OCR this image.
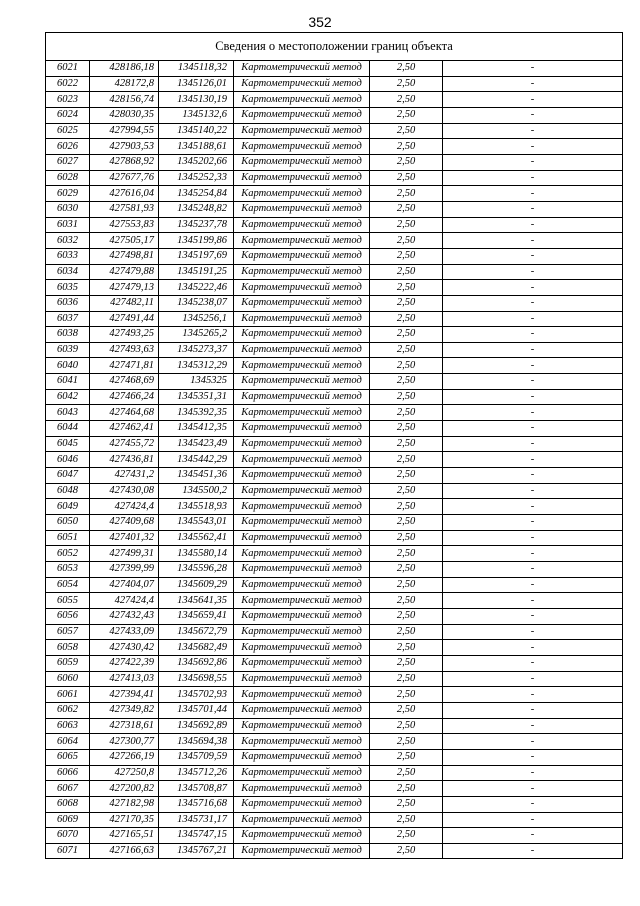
352
Сведения о местоположении границ объекта					
6021	428186,18	1345118,32	Картометрический метод	2,50	-
6022	428172,8	1345126,01	Картометрический метод	2,50	-
6023	428156,74	1345130,19	Картометрический метод	2,50	-
6024	428030,35	1345132,6	Картометрический метод	2,50	-
6025	427994,55	1345140,22	Картометрический метод	2,50	-
6026	427903,53	1345188,61	Картометрический метод	2,50	-
6027	427868,92	1345202,66	Картометрический метод	2,50	-
6028	427677,76	1345252,33	Картометрический метод	2,50	-
6029	427616,04	1345254,84	Картометрический метод	2,50	-
6030	427581,93	1345248,82	Картометрический метод	2,50	-
6031	427553,83	1345237,78	Картометрический метод	2,50	-
6032	427505,17	1345199,86	Картометрический метод	2,50	-
6033	427498,81	1345197,69	Картометрический метод	2,50	-
6034	427479,88	1345191,25	Картометрический метод	2,50	-
6035	427479,13	1345222,46	Картометрический метод	2,50	-
6036	427482,11	1345238,07	Картометрический метод	2,50	-
6037	427491,44	1345256,1	Картометрический метод	2,50	-
6038	427493,25	1345265,2	Картометрический метод	2,50	-
6039	427493,63	1345273,37	Картометрический метод	2,50	-
6040	427471,81	1345312,29	Картометрический метод	2,50	-
6041	427468,69	1345325	Картометрический метод	2,50	-
6042	427466,24	1345351,31	Картометрический метод	2,50	-
6043	427464,68	1345392,35	Картометрический метод	2,50	-
6044	427462,41	1345412,35	Картометрический метод	2,50	-
6045	427455,72	1345423,49	Картометрический метод	2,50	-
6046	427436,81	1345442,29	Картометрический метод	2,50	-
6047	427431,2	1345451,36	Картометрический метод	2,50	-
6048	427430,08	1345500,2	Картометрический метод	2,50	-
6049	427424,4	1345518,93	Картометрический метод	2,50	-
6050	427409,68	1345543,01	Картометрический метод	2,50	-
6051	427401,32	1345562,41	Картометрический метод	2,50	-
6052	427499,31	1345580,14	Картометрический метод	2,50	-
6053	427399,99	1345596,28	Картометрический метод	2,50	-
6054	427404,07	1345609,29	Картометрический метод	2,50	-
6055	427424,4	1345641,35	Картометрический метод	2,50	-
6056	427432,43	1345659,41	Картометрический метод	2,50	-
6057	427433,09	1345672,79	Картометрический метод	2,50	-
6058	427430,42	1345682,49	Картометрический метод	2,50	-
6059	427422,39	1345692,86	Картометрический метод	2,50	-
6060	427413,03	1345698,55	Картометрический метод	2,50	-
6061	427394,41	1345702,93	Картометрический метод	2,50	-
6062	427349,82	1345701,44	Картометрический метод	2,50	-
6063	427318,61	1345692,89	Картометрический метод	2,50	-
6064	427300,77	1345694,38	Картометрический метод	2,50	-
6065	427266,19	1345709,59	Картометрический метод	2,50	-
6066	427250,8	1345712,26	Картометрический метод	2,50	-
6067	427200,82	1345708,87	Картометрический метод	2,50	-
6068	427182,98	1345716,68	Картометрический метод	2,50	-
6069	427170,35	1345731,17	Картометрический метод	2,50	-
6070	427165,51	1345747,15	Картометрический метод	2,50	-
6071	427166,63	1345767,21	Картометрический метод	2,50	-
